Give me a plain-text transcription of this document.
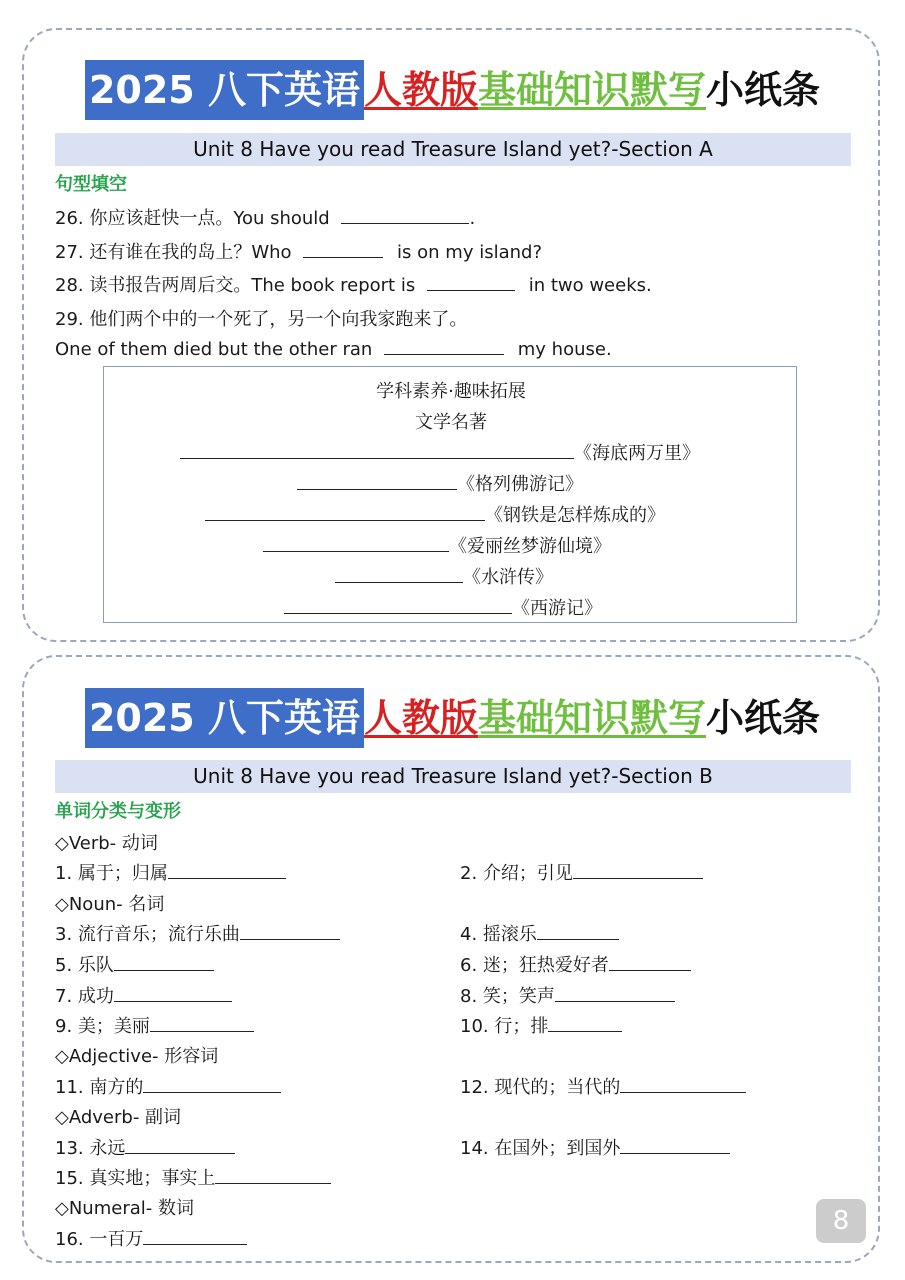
2025 八下英语 人教版基础知识默写小纸条
Unit 8 Have you read Treasure Island yet?-Section A
句型填空
26. 你应该赶快一点。You should	.
27. 还有谁在我的岛上？Who	is on my island?
28. 读书报告两周后交。The book report is	in two weeks.
29. 他们两个中的一个死了，另一个向我家跑来了。
One of them died but the other ran	my house.
学科素养·趣味拓展
文学名著
《海底两万里》
《格列佛游记》
《钢铁是怎样炼成的》
《爱丽丝梦游仙境》
《水浒传》
《西游记》
2025 八下英语 人教版基础知识默写小纸条
Unit 8 Have you read Treasure Island yet?-Section B
单词分类与变形
◇Verb- 动词
1. 属于；归属	2. 介绍；引见
◇Noun- 名词
3. 流行音乐；流行乐曲	4. 摇滚乐
5. 乐队	6. 迷；狂热爱好者
7. 成功	8. 笑；笑声
9. 美；美丽	10. 行；排
◇Adjective- 形容词
11. 南方的	12. 现代的；当代的
◇Adverb- 副词
13. 永远	14. 在国外；到国外
15. 真实地；事实上
◇Numeral- 数词
16. 一百万
8
